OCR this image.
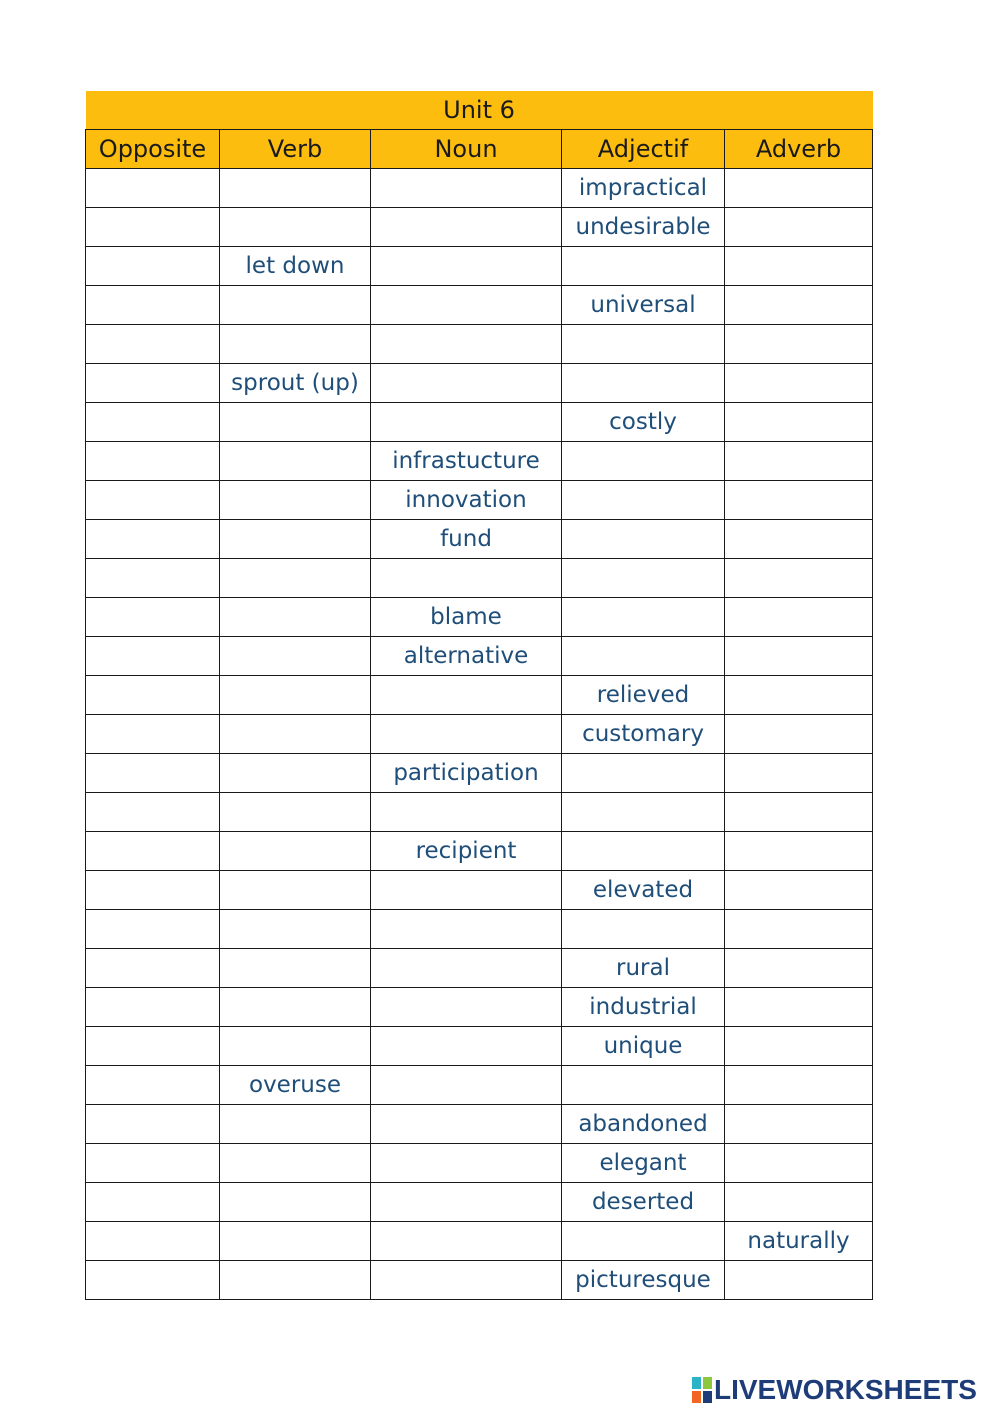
Unit 6				
Opposite	Verb	Noun	Adjectif	Adverb
			impractical	
			undesirable	
	let down			
			universal	

	sprout (up)			
			costly	
		infrastucture		
		innovation		
		fund		

		blame		
		alternative		
			relieved	
			customary	
		participation		

		recipient		
			elevated	

			rural	
			industrial	
			unique	
	overuse			
			abandoned	
			elegant	
			deserted	
				naturally
			picturesque	
LIVEWORKSHEETS
